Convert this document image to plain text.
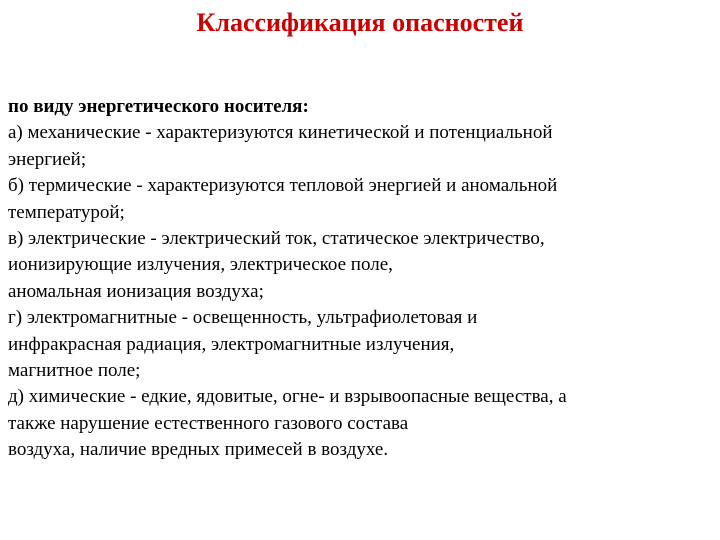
Классификация опасностей
по виду энергетического носителя:
а) механические - характеризуются кинетической и потенциальной
энергией;
б) термические - характеризуются тепловой энергией и аномальной
температурой;
в) электрические - электрический ток, статическое электричество,
ионизирующие излучения, электрическое поле,
аномальная ионизация воздуха;
г) электромагнитные - освещенность, ультрафиолетовая и
инфракрасная радиация, электромагнитные излучения,
магнитное поле;
д) химические - едкие, ядовитые, огне- и взрывоопасные вещества, а
также нарушение естественного газового состава
воздуха, наличие вредных примесей в воздухе.
